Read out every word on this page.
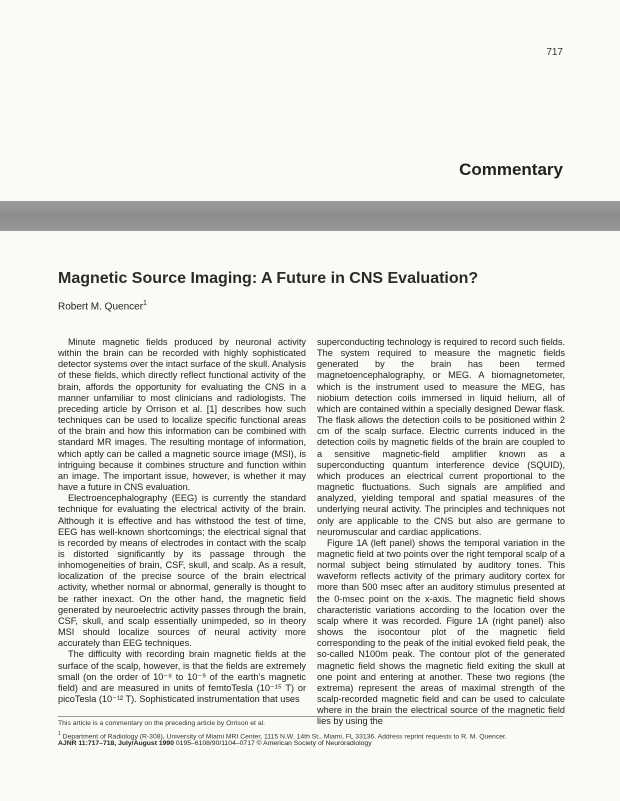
717
Commentary
Magnetic Source Imaging: A Future in CNS Evaluation?
Robert M. Quencer$^1$

Minute magnetic fields produced by neuronal activity within the brain can be recorded with highly sophisticated detector systems over the intact surface of the skull. Analysis of these fields, which directly reflect functional activity of the brain, affords the opportunity for evaluating the CNS in a manner unfamiliar to most clinicians and radiologists. The preceding article by Orrison et al. [1] describes how such techniques can be used to localize specific functional areas of the brain and how this information can be combined with standard MR images. The resulting montage of information, which aptly can be called a magnetic source image (MSI), is intriguing because it combines structure and function within an image. The important issue, however, is whether it may have a future in CNS evaluation.

Electroencephalography (EEG) is currently the standard technique for evaluating the electrical activity of the brain. Although it is effective and has withstood the test of time, EEG has well-known shortcomings; the electrical signal that is recorded by means of electrodes in contact with the scalp is distorted significantly by its passage through the inhomogeneities of brain, CSF, skull, and scalp. As a result, localization of the precise source of the brain electrical activity, whether normal or abnormal, generally is thought to be rather inexact. On the other hand, the magnetic field generated by neuroelectric activity passes through the brain, CSF, skull, and scalp essentially unimpeded, so in theory MSI should localize sources of neural activity more accurately than EEG techniques.

The difficulty with recording brain magnetic fields at the surface of the scalp, however, is that the fields are extremely small (on the order of 10⁻⁸ to 10⁻⁹ of the earth’s magnetic field) and are measured in units of femtoTesla (10⁻¹⁵ T) or picoTesla (10⁻¹² T). Sophisticated instrumentation that uses

superconducting technology is required to record such fields. The system required to measure the magnetic fields generated by the brain has been termed magnetoencephalography, or MEG. A biomagnetometer, which is the instrument used to measure the MEG, has niobium detection coils immersed in liquid helium, all of which are contained within a specially designed Dewar flask. The flask allows the detection coils to be positioned within 2 cm of the scalp surface. Electric currents induced in the detection coils by magnetic fields of the brain are coupled to a sensitive magnetic-field amplifier known as a superconducting quantum interference device (SQUID), which produces an electrical current proportional to the magnetic fluctuations. Such signals are amplified and analyzed, yielding temporal and spatial measures of the underlying neural activity. The principles and techniques not only are applicable to the CNS but also are germane to neuromuscular and cardiac applications.

Figure 1A (left panel) shows the temporal variation in the magnetic field at two points over the right temporal scalp of a normal subject being stimulated by auditory tones. This waveform reflects activity of the primary auditory cortex for more than 500 msec after an auditory stimulus presented at the 0-msec point on the x-axis. The magnetic field shows characteristic variations according to the location over the scalp where it was recorded. Figure 1A (right panel) also shows the isocontour plot of the magnetic field corresponding to the peak of the initial evoked field peak, the so-called N100m peak. The contour plot of the generated magnetic field shows the magnetic field exiting the skull at one point and entering at another. These two regions (the extrema) represent the areas of maximal strength of the scalp-recorded magnetic field and can be used to calculate where in the brain the electrical source of the magnetic field lies by using the

This article is a commentary on the preceding article by Orrison et al.
$^1$ Department of Radiology (R-308), University of Miami MRI Center, 1115 N.W. 14th St., Miami, FL 33136. Address reprint requests to R. M. Quencer.
AJNR 11:717–718, July/August 1990 0195–6108/90/1104–0717 © American Society of Neuroradiology
